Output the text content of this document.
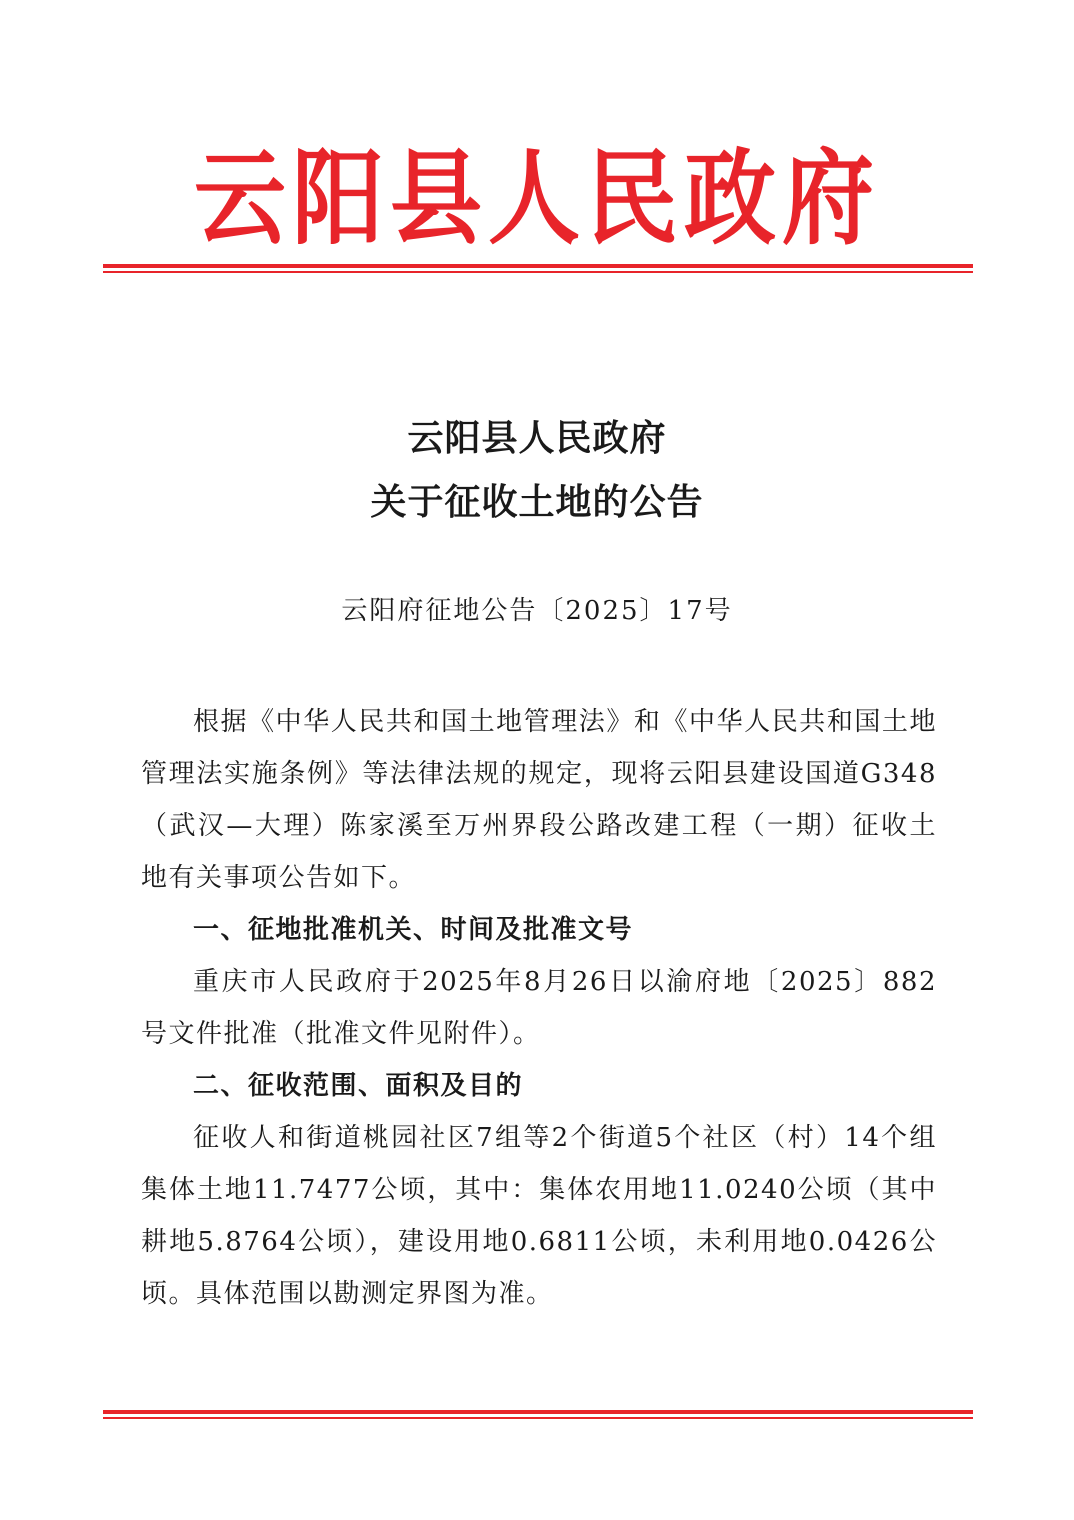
云阳县人民政府
云阳县人民政府
关于征收土地的公告
云阳府征地公告〔2025〕17号

根据《中华人民共和国土地管理法》和《中华人民共和国土地管理法实施条例》等法律法规的规定，现将云阳县建设国道G348（武汉—大理）陈家溪至万州界段公路改建工程（一期）征收土地有关事项公告如下。

一、征地批准机关、时间及批准文号

重庆市人民政府于2025年8月26日以渝府地〔2025〕882号文件批准（批准文件见附件）。

二、征收范围、面积及目的

征收人和街道桃园社区7组等2个街道5个社区（村）14个组集体土地11.7477公顷，其中：集体农用地11.0240公顷（其中耕地5.8764公顷），建设用地0.6811公顷，未利用地0.0426公顷。具体范围以勘测定界图为准。
